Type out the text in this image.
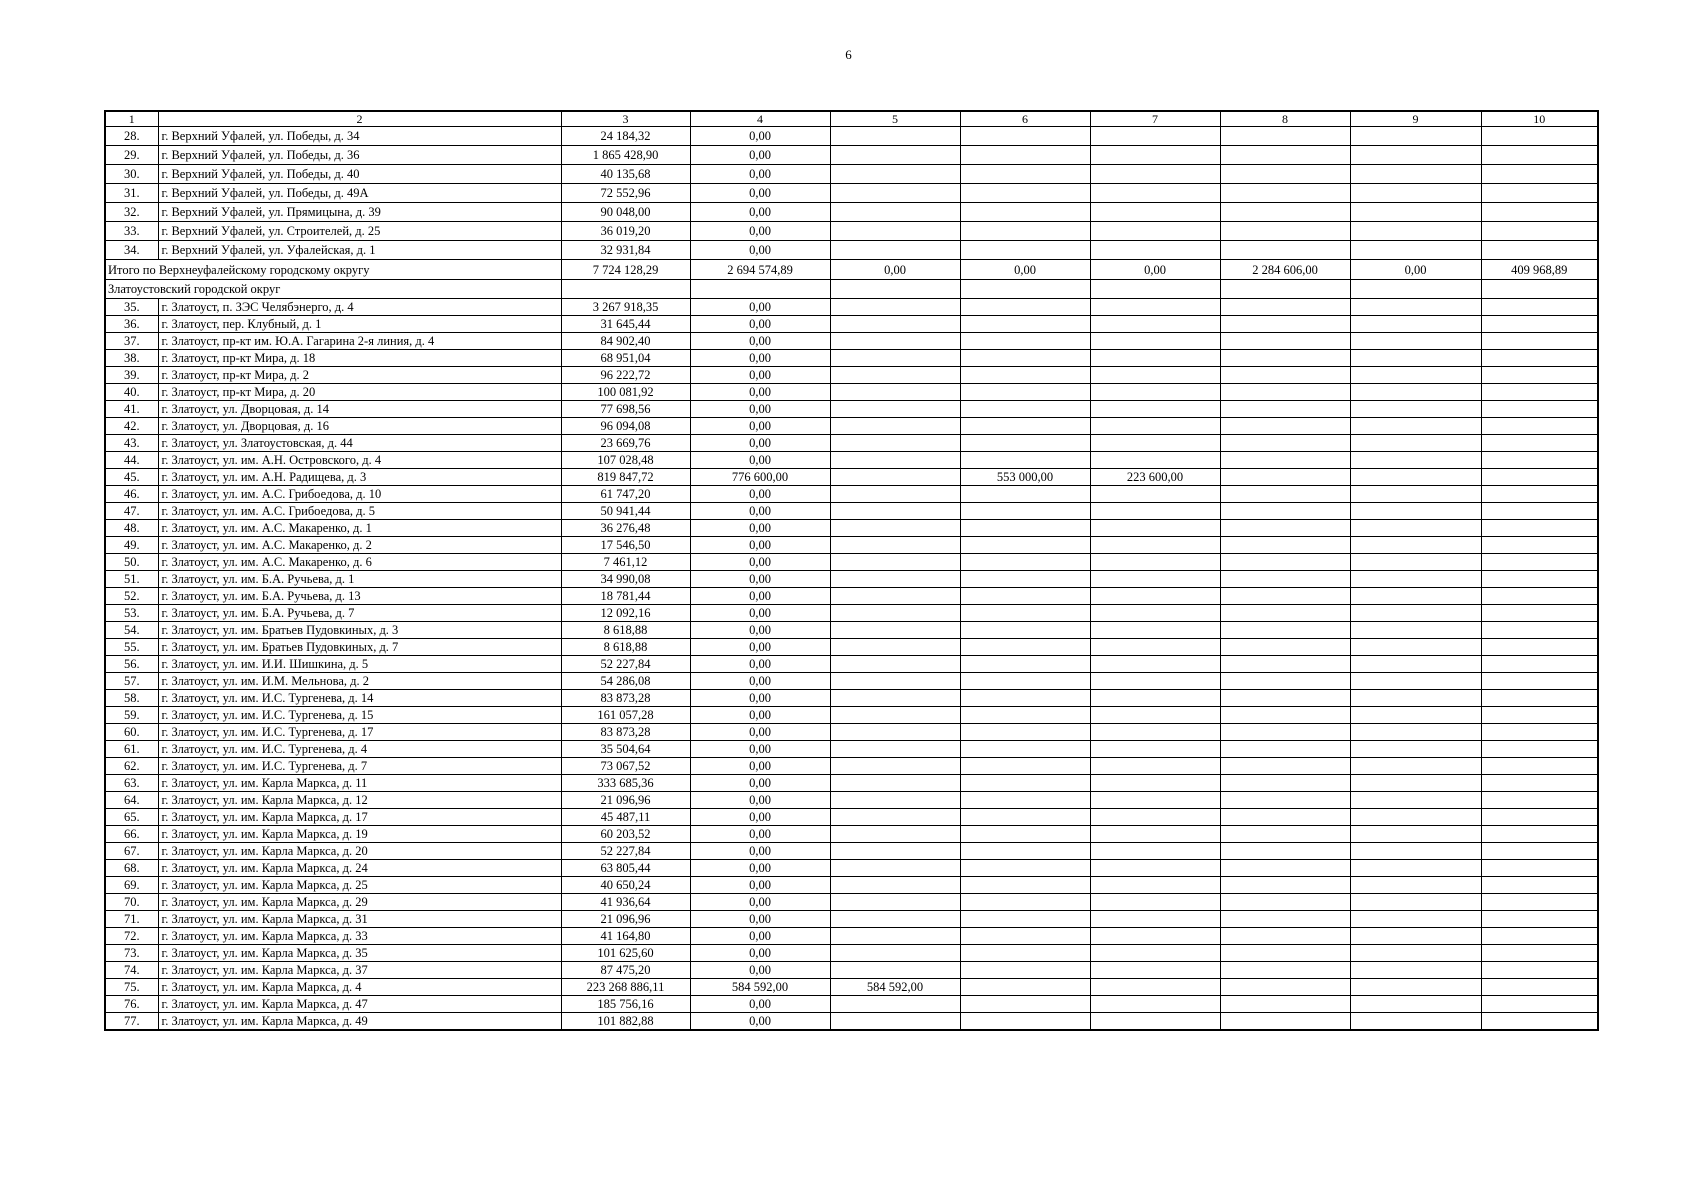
6
1	2	3	4	5	6	7	8	9	10
28.	г. Верхний Уфалей, ул. Победы, д. 34	24 184,32	0,00						
29.	г. Верхний Уфалей, ул. Победы, д. 36	1 865 428,90	0,00						
30.	г. Верхний Уфалей, ул. Победы, д. 40	40 135,68	0,00						
31.	г. Верхний Уфалей, ул. Победы, д. 49А	72 552,96	0,00						
32.	г. Верхний Уфалей, ул. Прямицына, д. 39	90 048,00	0,00						
33.	г. Верхний Уфалей, ул. Строителей, д. 25	36 019,20	0,00						
34.	г. Верхний Уфалей, ул. Уфалейская, д. 1	32 931,84	0,00						
Итого по Верхнеуфалейскому городскому округу		7 724 128,29	2 694 574,89	0,00	0,00	0,00	2 284 606,00	0,00	409 968,89
Златоустовский городской округ									
35.	г. Златоуст, п. ЗЭС Челябэнерго, д. 4	3 267 918,35	0,00						
36.	г. Златоуст, пер. Клубный, д. 1	31 645,44	0,00						
37.	г. Златоуст, пр-кт им. Ю.А. Гагарина 2-я линия, д. 4	84 902,40	0,00						
38.	г. Златоуст, пр-кт Мира, д. 18	68 951,04	0,00						
39.	г. Златоуст, пр-кт Мира, д. 2	96 222,72	0,00						
40.	г. Златоуст, пр-кт Мира, д. 20	100 081,92	0,00						
41.	г. Златоуст, ул. Дворцовая, д. 14	77 698,56	0,00						
42.	г. Златоуст, ул. Дворцовая, д. 16	96 094,08	0,00						
43.	г. Златоуст, ул. Златоустовская, д. 44	23 669,76	0,00						
44.	г. Златоуст, ул. им. А.Н. Островского, д. 4	107 028,48	0,00						
45.	г. Златоуст, ул. им. А.Н. Радищева, д. 3	819 847,72	776 600,00		553 000,00	223 600,00			
46.	г. Златоуст, ул. им. А.С. Грибоедова, д. 10	61 747,20	0,00						
47.	г. Златоуст, ул. им. А.С. Грибоедова, д. 5	50 941,44	0,00						
48.	г. Златоуст, ул. им. А.С. Макаренко, д. 1	36 276,48	0,00						
49.	г. Златоуст, ул. им. А.С. Макаренко, д. 2	17 546,50	0,00						
50.	г. Златоуст, ул. им. А.С. Макаренко, д. 6	7 461,12	0,00						
51.	г. Златоуст, ул. им. Б.А. Ручьева, д. 1	34 990,08	0,00						
52.	г. Златоуст, ул. им. Б.А. Ручьева, д. 13	18 781,44	0,00						
53.	г. Златоуст, ул. им. Б.А. Ручьева, д. 7	12 092,16	0,00						
54.	г. Златоуст, ул. им. Братьев Пудовкиных, д. 3	8 618,88	0,00						
55.	г. Златоуст, ул. им. Братьев Пудовкиных, д. 7	8 618,88	0,00						
56.	г. Златоуст, ул. им. И.И. Шишкина, д. 5	52 227,84	0,00						
57.	г. Златоуст, ул. им. И.М. Мельнова, д. 2	54 286,08	0,00						
58.	г. Златоуст, ул. им. И.С. Тургенева, д. 14	83 873,28	0,00						
59.	г. Златоуст, ул. им. И.С. Тургенева, д. 15	161 057,28	0,00						
60.	г. Златоуст, ул. им. И.С. Тургенева, д. 17	83 873,28	0,00						
61.	г. Златоуст, ул. им. И.С. Тургенева, д. 4	35 504,64	0,00						
62.	г. Златоуст, ул. им. И.С. Тургенева, д. 7	73 067,52	0,00						
63.	г. Златоуст, ул. им. Карла Маркса, д. 11	333 685,36	0,00						
64.	г. Златоуст, ул. им. Карла Маркса, д. 12	21 096,96	0,00						
65.	г. Златоуст, ул. им. Карла Маркса, д. 17	45 487,11	0,00						
66.	г. Златоуст, ул. им. Карла Маркса, д. 19	60 203,52	0,00						
67.	г. Златоуст, ул. им. Карла Маркса, д. 20	52 227,84	0,00						
68.	г. Златоуст, ул. им. Карла Маркса, д. 24	63 805,44	0,00						
69.	г. Златоуст, ул. им. Карла Маркса, д. 25	40 650,24	0,00						
70.	г. Златоуст, ул. им. Карла Маркса, д. 29	41 936,64	0,00						
71.	г. Златоуст, ул. им. Карла Маркса, д. 31	21 096,96	0,00						
72.	г. Златоуст, ул. им. Карла Маркса, д. 33	41 164,80	0,00						
73.	г. Златоуст, ул. им. Карла Маркса, д. 35	101 625,60	0,00						
74.	г. Златоуст, ул. им. Карла Маркса, д. 37	87 475,20	0,00						
75.	г. Златоуст, ул. им. Карла Маркса, д. 4	223 268 886,11	584 592,00	584 592,00					
76.	г. Златоуст, ул. им. Карла Маркса, д. 47	185 756,16	0,00						
77.	г. Златоуст, ул. им. Карла Маркса, д. 49	101 882,88	0,00						
